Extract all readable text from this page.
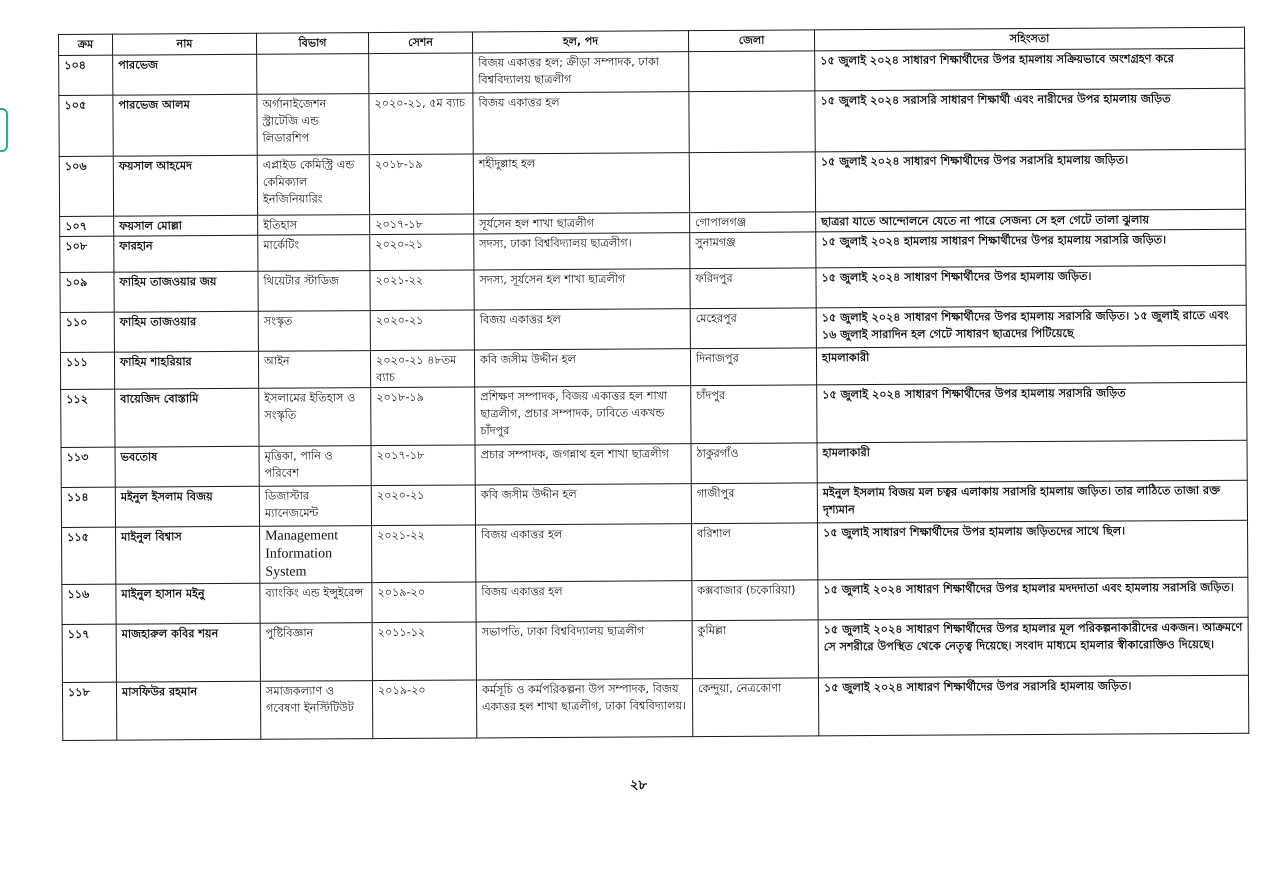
ক্রম	নাম	বিভাগ	সেশন	হল, পদ	জেলা	সহিংসতা
১০৪	পারভেজ			বিজয় একাত্তর হল; ক্রীড়া সম্পাদক, ঢাকা বিশ্ববিদ্যালয় ছাত্রলীগ		১৫ জুলাই ২০২৪ সাধারণ শিক্ষার্থীদের উপর হামলায় সক্রিয়ভাবে অংশগ্রহণ করে
১০৫	পারভেজ আলম	অর্গানাইজেশন স্ট্রাটেজি এন্ড লিডারশিপ	২০২০-২১, ৫ম ব্যাচ	বিজয় একাত্তর হল		১৫ জুলাই ২০২৪ সরাসরি সাধারণ শিক্ষার্থী এবং নারীদের উপর হামলায় জড়িত
১০৬	ফয়সাল আহমেদ	এপ্লাইড কেমিস্ট্রি এন্ড কেমিক্যাল ইনজিনিয়ারিং	২০১৮-১৯	শহীদুল্লাহ হল		১৫ জুলাই ২০২৪ সাধারণ শিক্ষার্থীদের উপর সরাসরি হামলায় জড়িত।
১০৭	ফয়সাল মোল্লা	ইতিহাস	২০১৭-১৮	সূর্যসেন হল শাখা ছাত্রলীগ	গোপালগঞ্জ	ছাত্ররা যাতে আন্দোলনে যেতে না পারে সেজন্য সে হল গেটে তালা ঝুলায়
১০৮	ফারহান	মার্কেটিং	২০২০-২১	সদস্য, ঢাকা বিশ্ববিদ্যালয় ছাত্রলীগ।	সুনামগঞ্জ	১৫ জুলাই ২০২৪ হামলায় সাধারণ শিক্ষার্থীদের উপর হামলায় সরাসরি জড়িত।
১০৯	ফাহিম তাজওয়ার জয়	থিয়েটার স্টাডিজ	২০২১-২২	সদস্য, সূর্যসেন হল শাখা ছাত্রলীগ	ফরিদপুর	১৫ জুলাই ২০২৪ সাধারণ শিক্ষার্থীদের উপর হামলায় জড়িত।
১১০	ফাহিম তাজওয়ার	সংস্কৃত	২০২০-২১	বিজয় একাত্তর হল	মেহেরপুর	১৫ জুলাই ২০২৪ সাধারণ শিক্ষার্থীদের উপর হামলায় সরাসরি জড়িত। ১৫ জুলাই রাতে এবং ১৬ জুলাই সারাদিন হল গেটে সাধারণ ছাত্রদের পিটিয়েছে
১১১	ফাহিম শাহরিয়ার	আইন	২০২০-২১ ৪৮তম ব্যাচ	কবি জসীম উদ্দীন হল	দিনাজপুর	হামলাকারী
১১২	বায়েজিদ বোস্তামি	ইসলামের ইতিহাস ও সংস্কৃতি	২০১৮-১৯	প্রশিক্ষণ সম্পাদক, বিজয় একাত্তর হল শাখা ছাত্রলীগ, প্রচার সম্পাদক, ঢাবিতে একখন্ড চাঁদপুর	চাঁদপুর	১৫ জুলাই ২০২৪ সাধারণ শিক্ষার্থীদের উপর হামলায় সরাসরি জড়িত
১১৩	ভবতোষ	মৃত্তিকা, পানি ও পরিবেশ	২০১৭-১৮	প্রচার সম্পাদক, জগন্নাথ হল শাখা ছাত্রলীগ	ঠাকুরগাঁও	হামলাকারী
১১৪	মইনুল ইসলাম বিজয়	ডিজাস্টার ম্যানেজমেন্ট	২০২০-২১	কবি জসীম উদ্দীন হল	গাজীপুর	মইনুল ইসলাম বিজয় মল চত্বর এলাকায় সরাসরি হামলায় জড়িত। তার লাঠিতে তাজা রক্ত দৃশ্যমান
১১৫	মাইনুল বিশ্বাস	Management Information System	২০২১-২২	বিজয় একাত্তর হল	বরিশাল	১৫ জুলাই সাধারণ শিক্ষার্থীদের উপর হামলায় জড়িতদের সাথে ছিল।
১১৬	মাইনুল হাসান মইনু	ব্যাংকিং এন্ড ইন্সুইরেন্স	২০১৯-২০	বিজয় একাত্তর হল	কক্সবাজার (চকোরিয়া)	১৫ জুলাই ২০২৪ সাধারণ শিক্ষার্থীদের উপর হামলার মদদদাতা এবং হামলায় সরাসরি জড়িত।
১১৭	মাজহারুল কবির শয়ন	পুষ্টিবিজ্ঞান	২০১১-১২	সভাপতি, ঢাকা বিশ্ববিদ্যালয় ছাত্রলীগ	কুমিল্লা	১৫ জুলাই ২০২৪ সাধারণ শিক্ষার্থীদের উপর হামলার মূল পরিকল্পনাকারীদের একজন। আক্রমণে সে সশরীরে উপস্থিত থেকে নেতৃত্ব দিয়েছে। সংবাদ মাধ্যমে হামলার স্বীকারোক্তিও দিয়েছে।
১১৮	মাসফিউর রহমান	সমাজকল্যাণ ও গবেষণা ইনস্টিটিউট	২০১৯-২০	কর্মসূচি ও কর্মপরিকল্পনা উপ সম্পাদক, বিজয় একাত্তর হল শাখা ছাত্রলীগ, ঢাকা বিশ্ববিদ্যালয়।	কেন্দুয়া, নেত্রকোণা	১৫ জুলাই ২০২৪ সাধারণ শিক্ষার্থীদের উপর সরাসরি হামলায় জড়িত।
২৮
